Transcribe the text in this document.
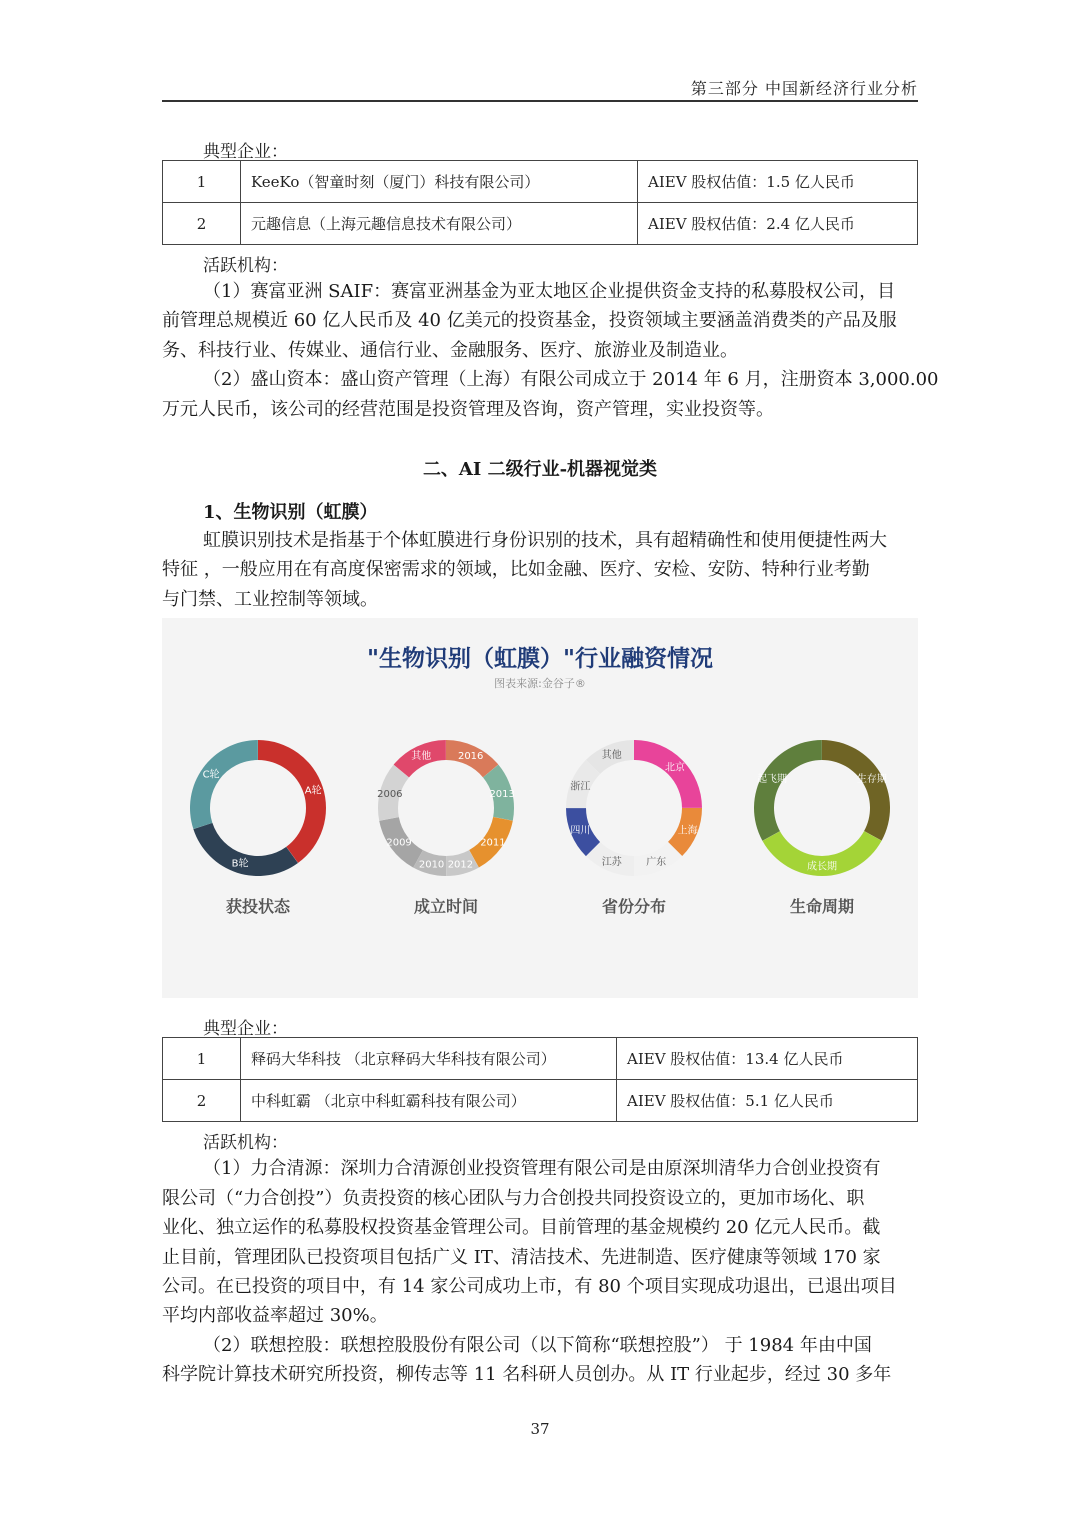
第三部分 中国新经济行业分析
典型企业：
1	KeeKo（智童时刻（厦门）科技有限公司）	AIEV 股权估值：1.5 亿人民币
2	元趣信息（上海元趣信息技术有限公司）	AIEV 股权估值：2.4 亿人民币
活跃机构：
（1）赛富亚洲 SAIF：赛富亚洲基金为亚太地区企业提供资金支持的私募股权公司，目
前管理总规模近 60 亿人民币及 40 亿美元的投资基金，投资领域主要涵盖消费类的产品及服
务、科技行业、传媒业、通信行业、金融服务、医疗、旅游业及制造业。
（2）盛山资本：盛山资产管理（上海）有限公司成立于 2014 年 6 月，注册资本 3,000.00
万元人民币，该公司的经营范围是投资管理及咨询，资产管理，实业投资等。
二、AI 二级行业-机器视觉类
1、生物识别（虹膜）
虹膜识别技术是指基于个体虹膜进行身份识别的技术，具有超精确性和使用便捷性两大
特征 ，一般应用在有高度保密需求的领域，比如金融、医疗、安检、安防、特种行业考勤
与门禁、工业控制等领域。
"生物识别（虹膜）"行业融资情况
图表来源:金谷子®
A轮
B轮
C轮
获投状态
2016
2013
2011
2012
2010
2009
2006
其他
成立时间
北京
上海
广东
江苏
四川
浙江
其他
省份分布
生存期
成长期
起飞期
生命周期
典型企业：
1	释码大华科技 （北京释码大华科技有限公司）	AIEV 股权估值：13.4 亿人民币
2	中科虹霸 （北京中科虹霸科技有限公司）	AIEV 股权估值：5.1 亿人民币
活跃机构：
（1）力合清源：深圳力合清源创业投资管理有限公司是由原深圳清华力合创业投资有
限公司（“力合创投”）负责投资的核心团队与力合创投共同投资设立的，更加市场化、职
业化、独立运作的私募股权投资基金管理公司。目前管理的基金规模约 20 亿元人民币。截
止目前，管理团队已投资项目包括广义 IT、清洁技术、先进制造、医疗健康等领域 170 家
公司。在已投资的项目中，有 14 家公司成功上市，有 80 个项目实现成功退出，已退出项目
平均内部收益率超过 30%。
（2）联想控股：联想控股股份有限公司（以下简称“联想控股”） 于 1984 年由中国
科学院计算技术研究所投资，柳传志等 11 名科研人员创办。从 IT 行业起步，经过 30 多年
37
